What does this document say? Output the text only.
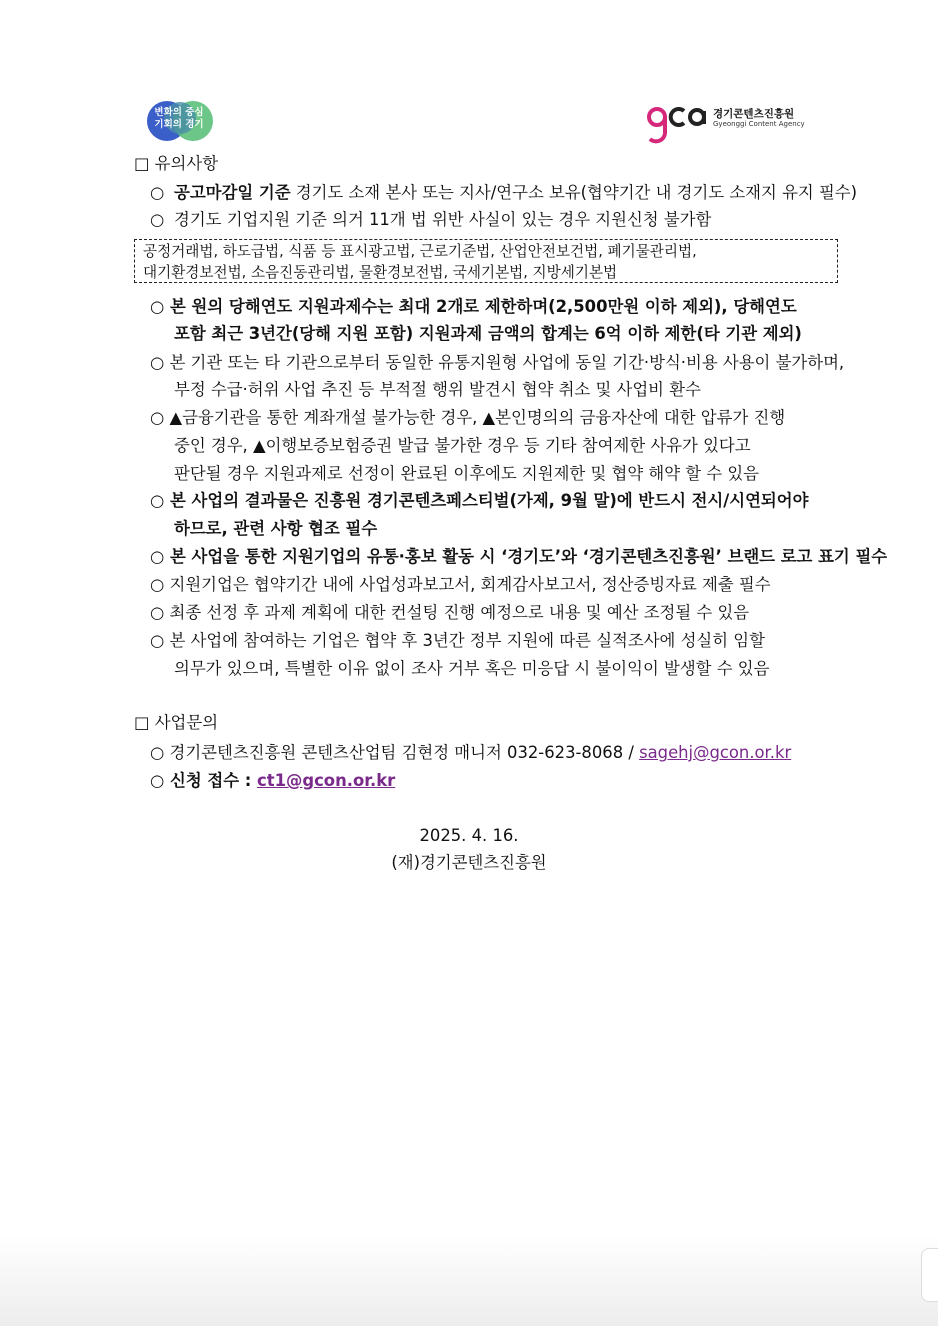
변화의 중심
기회의 경기
경기콘텐츠진흥원
Gyeonggi Content Agency
□ 유의사항
○ 공고마감일 기준 경기도 소재 본사 또는 지사/연구소 보유(협약기간 내 경기도 소재지 유지 필수)
○ 경기도 기업지원 기준 의거 11개 법 위반 사실이 있는 경우 지원신청 불가함
공정거래법, 하도급법, 식품 등 표시광고법, 근로기준법, 산업안전보건법, 폐기물관리법,
대기환경보전법, 소음진동관리법, 물환경보전법, 국세기본법, 지방세기본법
○ 본 원의 당해연도 지원과제수는 최대 2개로 제한하며(2,500만원 이하 제외), 당해연도
포함 최근 3년간(당해 지원 포함) 지원과제 금액의 합계는 6억 이하 제한(타 기관 제외)
○ 본 기관 또는 타 기관으로부터 동일한 유통지원형 사업에 동일 기간·방식·비용 사용이 불가하며,
부정 수급·허위 사업 추진 등 부적절 행위 발견시 협약 취소 및 사업비 환수
○ ▲금융기관을 통한 계좌개설 불가능한 경우, ▲본인명의의 금융자산에 대한 압류가 진행
중인 경우, ▲이행보증보험증권 발급 불가한 경우 등 기타 참여제한 사유가 있다고
판단될 경우 지원과제로 선정이 완료된 이후에도 지원제한 및 협약 해약 할 수 있음
○ 본 사업의 결과물은 진흥원 경기콘텐츠페스티벌(가제, 9월 말)에 반드시 전시/시연되어야
하므로, 관련 사항 협조 필수
○ 본 사업을 통한 지원기업의 유통·홍보 활동 시 ‘경기도’와 ‘경기콘텐츠진흥원’ 브랜드 로고 표기 필수
○ 지원기업은 협약기간 내에 사업성과보고서, 회계감사보고서, 정산증빙자료 제출 필수
○ 최종 선정 후 과제 계획에 대한 컨설팅 진행 예정으로 내용 및 예산 조정될 수 있음
○ 본 사업에 참여하는 기업은 협약 후 3년간 정부 지원에 따른 실적조사에 성실히 임할
의무가 있으며, 특별한 이유 없이 조사 거부 혹은 미응답 시 불이익이 발생할 수 있음
□ 사업문의
○ 경기콘텐츠진흥원 콘텐츠산업팀 김현정 매니저 032-623-8068 / sagehj@gcon.or.kr
○ 신청 접수 : ct1@gcon.or.kr
2025. 4. 16.
(재)경기콘텐츠진흥원
